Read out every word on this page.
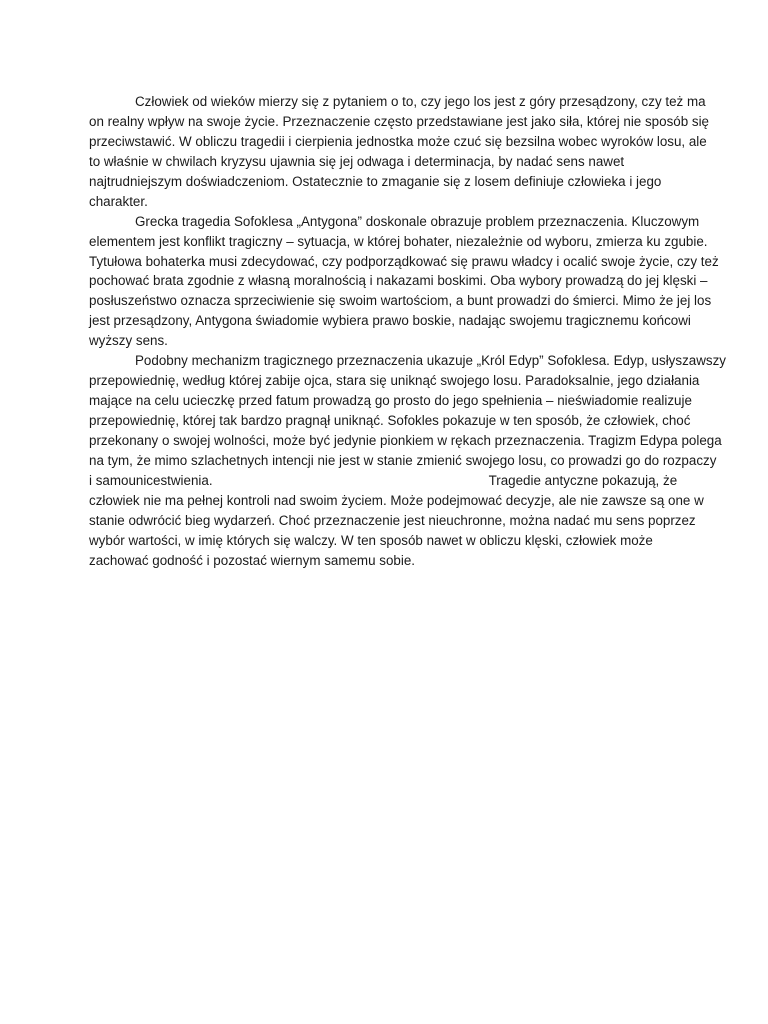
Człowiek od wieków mierzy się z pytaniem o to, czy jego los jest z góry przesądzony, czy też ma
on realny wpływ na swoje życie. Przeznaczenie często przedstawiane jest jako siła, której nie sposób się
przeciwstawić. W obliczu tragedii i cierpienia jednostka może czuć się bezsilna wobec wyroków losu, ale
to właśnie w chwilach kryzysu ujawnia się jej odwaga i determinacja, by nadać sens nawet
najtrudniejszym doświadczeniom. Ostatecznie to zmaganie się z losem definiuje człowieka i jego
charakter.
Grecka tragedia Sofoklesa „Antygona” doskonale obrazuje problem przeznaczenia. Kluczowym
elementem jest konflikt tragiczny – sytuacja, w której bohater, niezależnie od wyboru, zmierza ku zgubie.
Tytułowa bohaterka musi zdecydować, czy podporządkować się prawu władcy i ocalić swoje życie, czy też
pochować brata zgodnie z własną moralnością i nakazami boskimi. Oba wybory prowadzą do jej klęski –
posłuszeństwo oznacza sprzeciwienie się swoim wartościom, a bunt prowadzi do śmierci. Mimo że jej los
jest przesądzony, Antygona świadomie wybiera prawo boskie, nadając swojemu tragicznemu końcowi
wyższy sens.
Podobny mechanizm tragicznego przeznaczenia ukazuje „Król Edyp” Sofoklesa. Edyp, usłyszawszy
przepowiednię, według której zabije ojca, stara się uniknąć swojego losu. Paradoksalnie, jego działania
mające na celu ucieczkę przed fatum prowadzą go prosto do jego spełnienia – nieświadomie realizuje
przepowiednię, której tak bardzo pragnął uniknąć. Sofokles pokazuje w ten sposób, że człowiek, choć
przekonany o swojej wolności, może być jedynie pionkiem w rękach przeznaczenia. Tragizm Edypa polega
na tym, że mimo szlachetnych intencji nie jest w stanie zmienić swojego losu, co prowadzi go do rozpaczy
i samounicestwienia.	Tragedie antyczne pokazują, że
człowiek nie ma pełnej kontroli nad swoim życiem. Może podejmować decyzje, ale nie zawsze są one w
stanie odwrócić bieg wydarzeń. Choć przeznaczenie jest nieuchronne, można nadać mu sens poprzez
wybór wartości, w imię których się walczy. W ten sposób nawet w obliczu klęski, człowiek może
zachować godność i pozostać wiernym samemu sobie.
